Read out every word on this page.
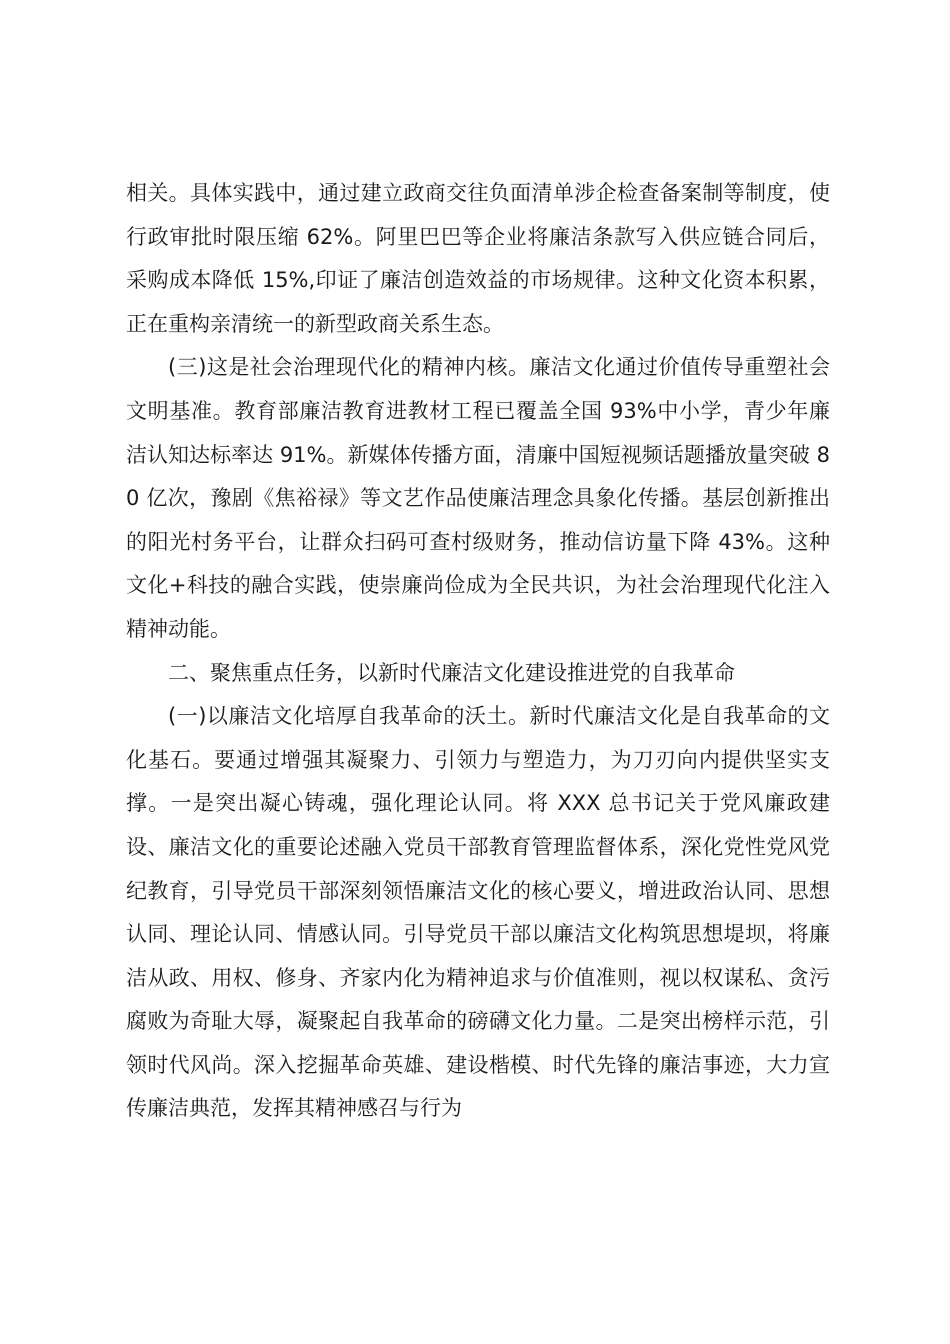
相关。具体实践中，通过建立政商交往负面清单涉企检查备案制等制度，使行政审批时限压缩 62%。阿里巴巴等企业将廉洁条款写入供应链合同后，采购成本降低 15%,印证了廉洁创造效益的市场规律。这种文化资本积累，正在重构亲清统一的新型政商关系生态。

(三)这是社会治理现代化的精神内核。廉洁文化通过价值传导重塑社会文明基准。教育部廉洁教育进教材工程已覆盖全国 93%中小学，青少年廉洁认知达标率达 91%。新媒体传播方面，清廉中国短视频话题播放量突破 80 亿次，豫剧《焦裕禄》等文艺作品使廉洁理念具象化传播。基层创新推出的阳光村务平台，让群众扫码可查村级财务，推动信访量下降 43%。这种文化+科技的融合实践，使崇廉尚俭成为全民共识，为社会治理现代化注入精神动能。

二、聚焦重点任务，以新时代廉洁文化建设推进党的自我革命

(一)以廉洁文化培厚自我革命的沃土。新时代廉洁文化是自我革命的文化基石。要通过增强其凝聚力、引领力与塑造力，为刀刃向内提供坚实支撑。一是突出凝心铸魂，强化理论认同。将 XXX 总书记关于党风廉政建设、廉洁文化的重要论述融入党员干部教育管理监督体系，深化党性党风党纪教育，引导党员干部深刻领悟廉洁文化的核心要义，增进政治认同、思想认同、理论认同、情感认同。引导党员干部以廉洁文化构筑思想堤坝，将廉洁从政、用权、修身、齐家内化为精神追求与价值准则，视以权谋私、贪污腐败为奇耻大辱，凝聚起自我革命的磅礴文化力量。二是突出榜样示范，引领时代风尚。深入挖掘革命英雄、建设楷模、时代先锋的廉洁事迹，大力宣传廉洁典范，发挥其精神感召与行为
